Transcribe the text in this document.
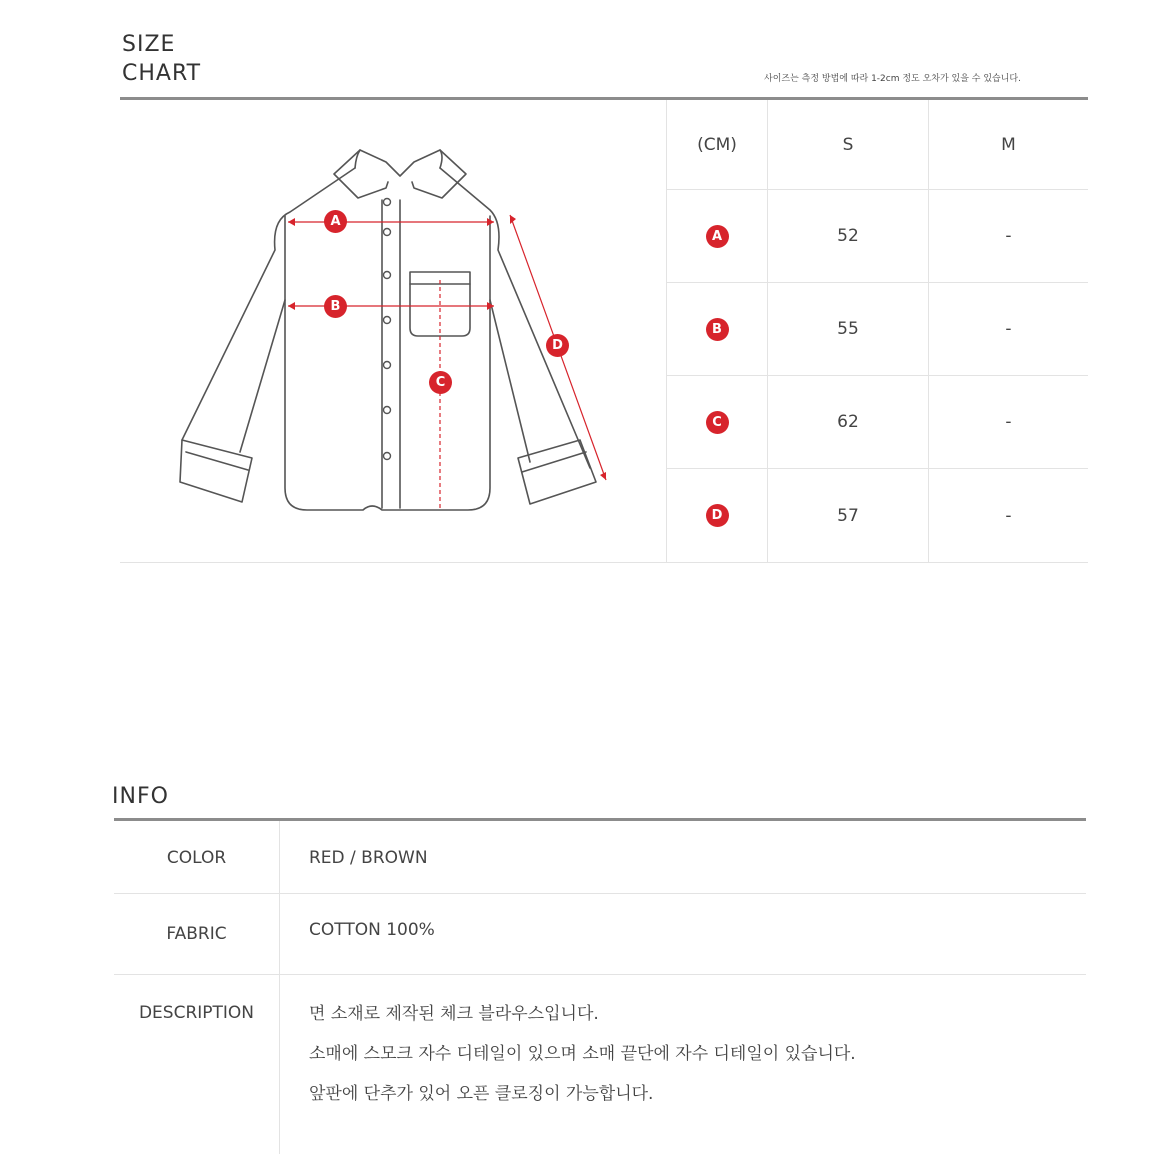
SIZE
CHART	사이즈는 측정 방법에 따라 1-2cm 정도 오차가 있을 수 있습니다.
A
B
C
D
(CM)	S	M
A	52	-
B	55	-
C	62	-
D	57	-
INFO
COLOR	RED / BROWN
FABRIC	COTTON 100%
DESCRIPTION	면 소재로 제작된 체크 블라우스입니다.
소매에 스모크 자수 디테일이 있으며 소매 끝단에 자수 디테일이 있습니다.
앞판에 단추가 있어 오픈 클로징이 가능합니다.
